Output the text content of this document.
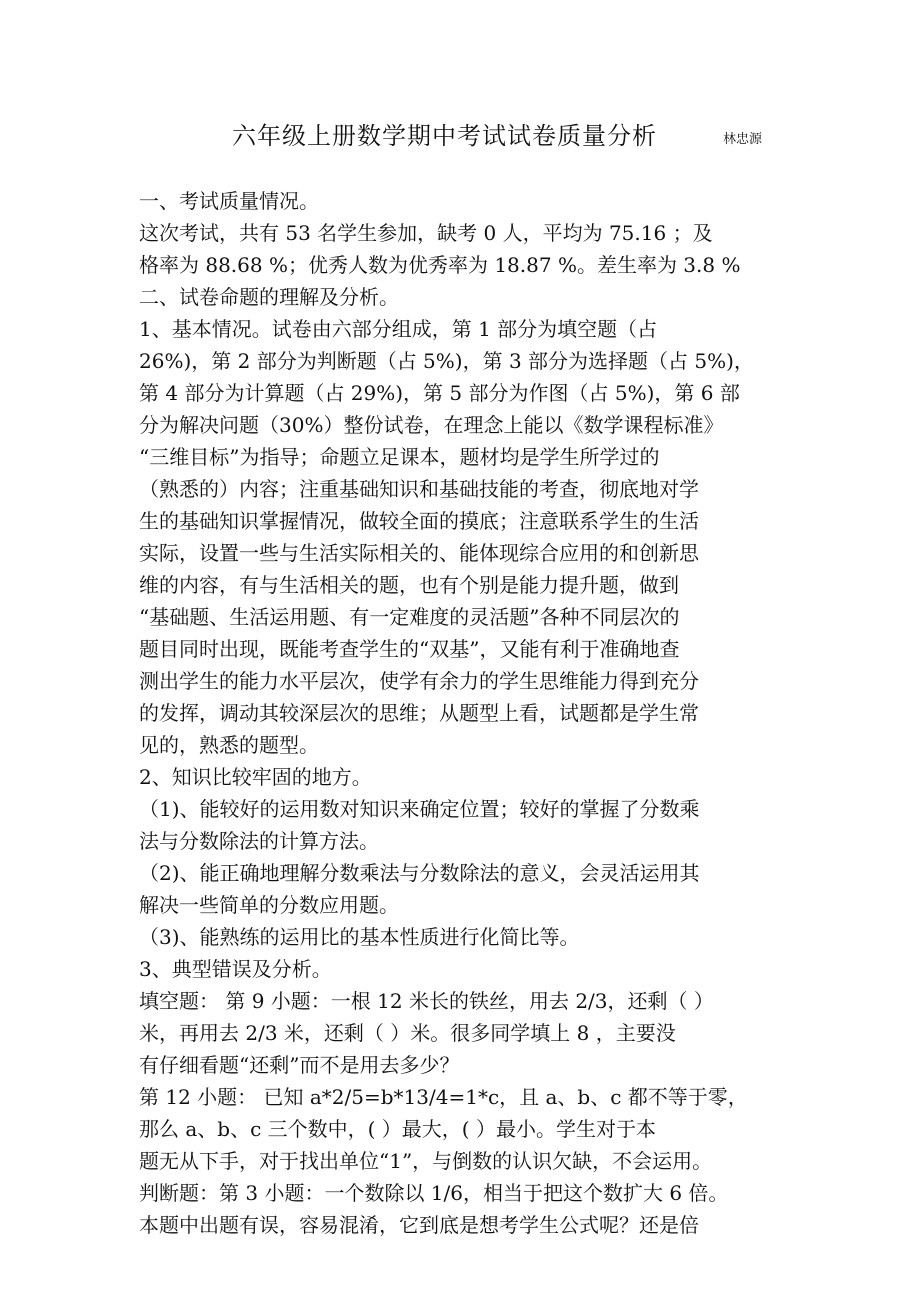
六年级上册数学期中考试试卷质量分析	林忠源
一、考试质量情况。
这次考试，共有 53 名学生参加，缺考 0 人，平均为 75.16 ；及
格率为 88.68 %；优秀人数为优秀率为 18.87 %。差生率为 3.8 %
二、试卷命题的理解及分析。
1、基本情况。试卷由六部分组成，第 1 部分为填空题（占
26%)，第 2 部分为判断题（占 5%)，第 3 部分为选择题（占 5%)，
第 4 部分为计算题（占 29%)，第 5 部分为作图（占 5%)，第 6 部
分为解决问题（30%）整份试卷，在理念上能以《数学课程标准》
“三维目标”为指导；命题立足课本，题材均是学生所学过的
（熟悉的）内容；注重基础知识和基础技能的考查，彻底地对学
生的基础知识掌握情况，做较全面的摸底；注意联系学生的生活
实际，设置一些与生活实际相关的、能体现综合应用的和创新思
维的内容，有与生活相关的题，也有个别是能力提升题，做到
“基础题、生活运用题、有一定难度的灵活题”各种不同层次的
题目同时出现，既能考查学生的“双基”，又能有利于准确地查
测出学生的能力水平层次，使学有余力的学生思维能力得到充分
的发挥，调动其较深层次的思维；从题型上看，试题都是学生常
见的，熟悉的题型。
2、知识比较牢固的地方。
（1)、能较好的运用数对知识来确定位置；较好的掌握了分数乘
法与分数除法的计算方法。
（2)、能正确地理解分数乘法与分数除法的意义，会灵活运用其
解决一些简单的分数应用题。
（3)、能熟练的运用比的基本性质进行化简比等。
3、典型错误及分析。
填空题： 第 9 小题：一根 12 米长的铁丝，用去 2/3，还剩（ ）
米，再用去 2/3 米，还剩（ ）米。很多同学填上 8 ，主要没
有仔细看题“还剩”而不是用去多少？
第 12 小题： 已知 a*2/5=b*13/4=1*c，且 a、b、c 都不等于零，
那么 a、b、c 三个数中，( ）最大，( ）最小。学生对于本
题无从下手，对于找出单位“1”，与倒数的认识欠缺，不会运用。
判断题：第 3 小题：一个数除以 1/6，相当于把这个数扩大 6 倍。
本题中出题有误，容易混淆，它到底是想考学生公式呢？还是倍
